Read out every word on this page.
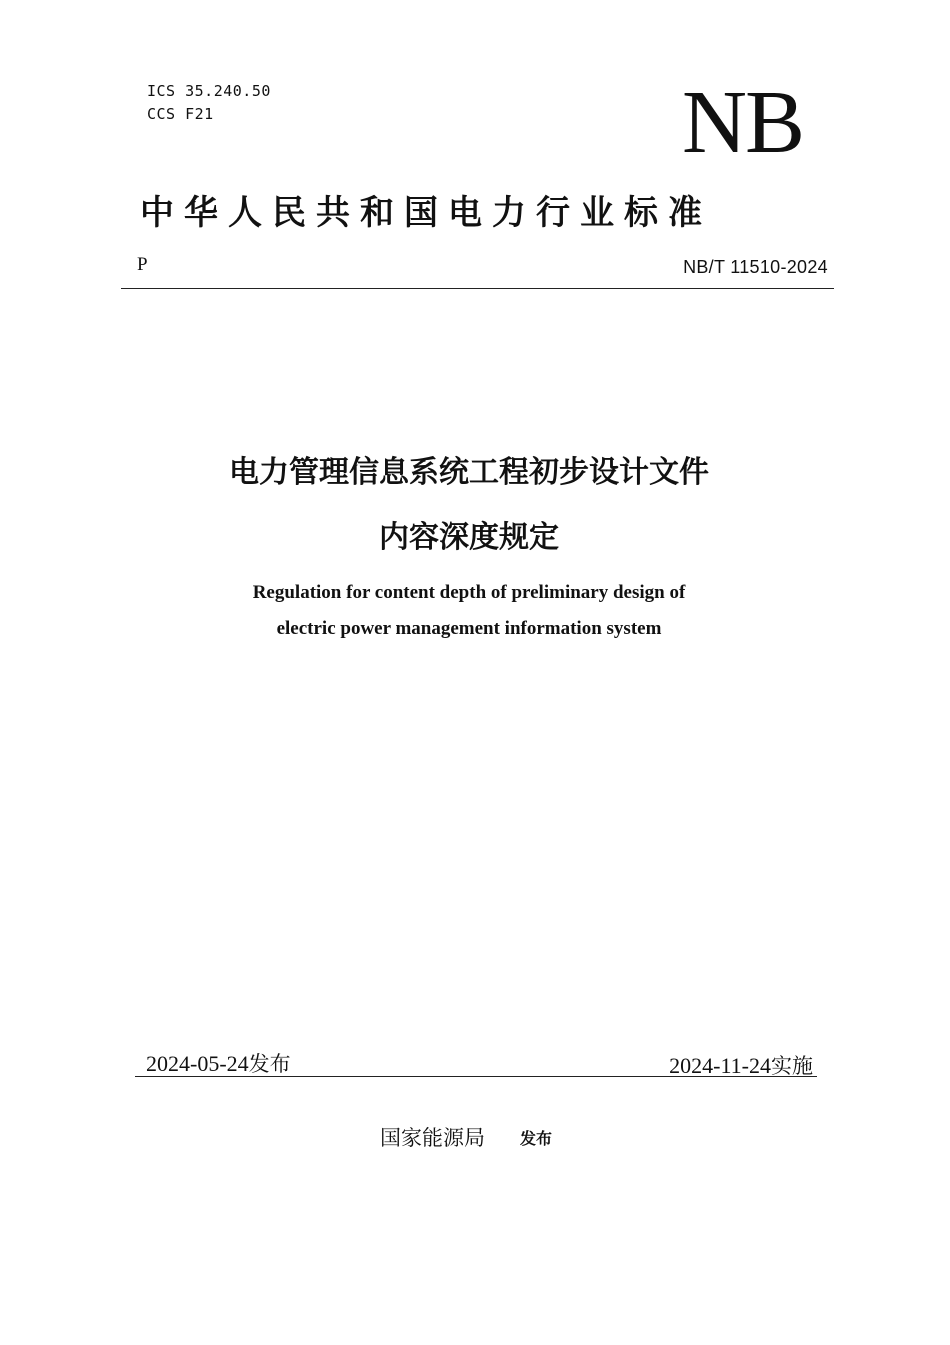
ICS 35.240.50
CCS F21	NB
中华人民共和国电力行业标准
P	NB/T 11510-2024
电力管理信息系统工程初步设计文件
内容深度规定
Regulation for content depth of preliminary design of
electric power management information system
2024-05-24发布	2024-11-24实施
国家能源局 发布
